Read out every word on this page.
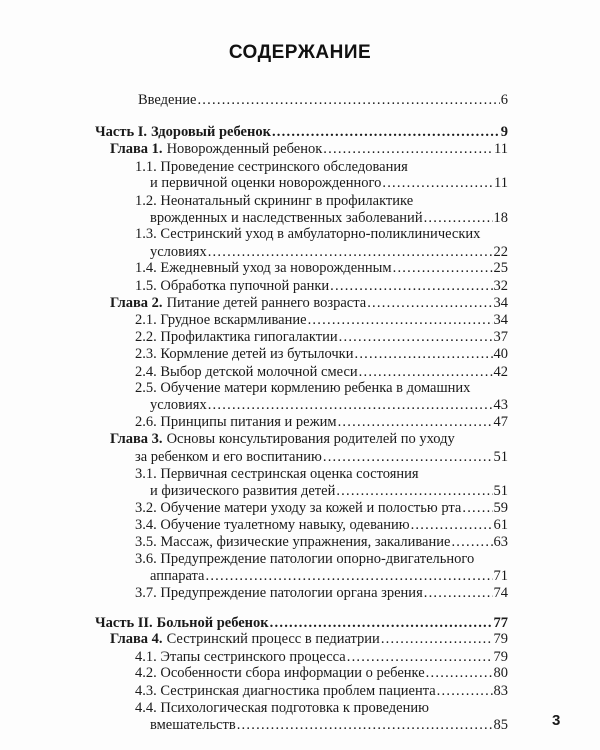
СОДЕРЖАНИЕ
Введение . . .	6
Часть I. Здоровый ребенок . . .	9
Глава 1. Новорожденный ребенок . . .	11
1.1. Проведение сестринского обследования
и первичной оценки новорожденного . . .	11
1.2. Неонатальный скрининг в профилактике
врожденных и наследственных заболеваний . . .	18
1.3. Сестринский уход в амбулаторно-поликлинических
условиях . . .	22
1.4. Ежедневный уход за новорожденным . . .	25
1.5. Обработка пупочной ранки . . .	32
Глава 2. Питание детей раннего возраста . . .	34
2.1. Грудное вскармливание . . .	34
2.2. Профилактика гипогалактии . . .	37
2.3. Кормление детей из бутылочки . . .	40
2.4. Выбор детской молочной смеси . . .	42
2.5. Обучение матери кормлению ребенка в домашних
условиях . . .	43
2.6. Принципы питания и режим . . .	47
Глава 3. Основы консультирования родителей по уходу
за ребенком и его воспитанию . . .	51
3.1. Первичная сестринская оценка состояния
и физического развития детей . . .	51
3.2. Обучение матери уходу за кожей и полостью рта . . . 59
3.4. Обучение туалетному навыку, одеванию . . .	61
3.5. Массаж, физические упражнения, закаливание . . .	63
3.6. Предупреждение патологии опорно-двигательного
аппарата . . .	71
3.7. Предупреждение патологии органа зрения . . .	74
Часть II. Больной ребенок . . .	77
Глава 4. Сестринский процесс в педиатрии . . .	79
4.1. Этапы сестринского процесса . . .	79
4.2. Особенности сбора информации о ребенке . . .	80
4.3. Сестринская диагностика проблем пациента . . .	83
4.4. Психологическая подготовка к проведению
вмешательств . . .	85	3
